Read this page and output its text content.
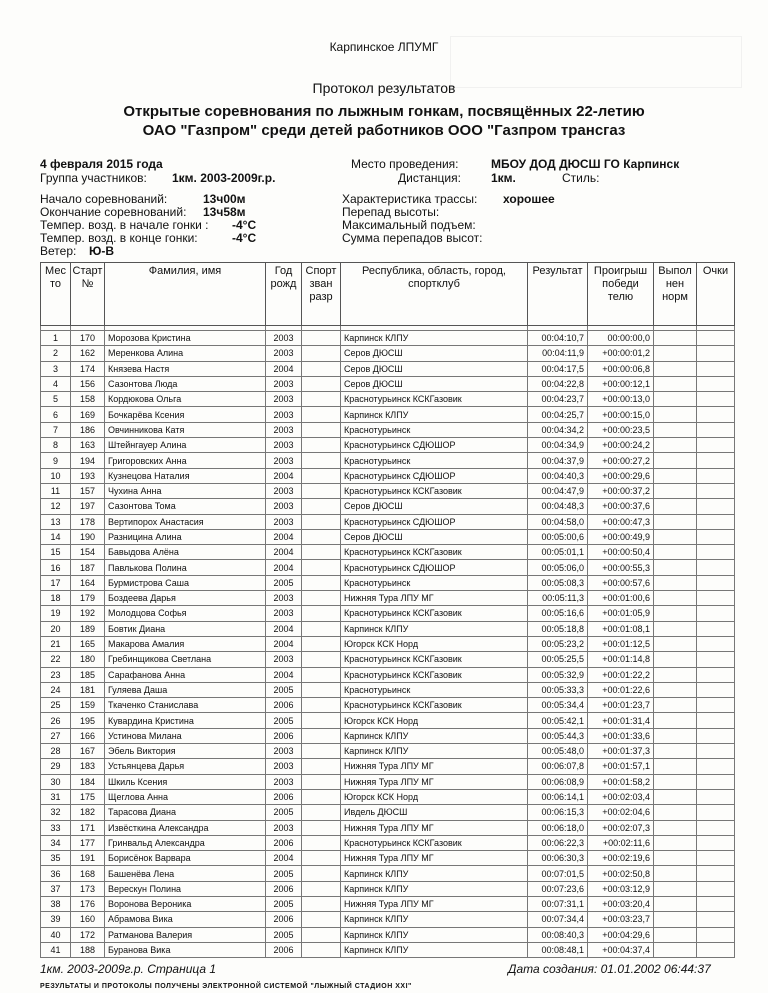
Карпинское ЛПУМГ
Протокол результатов
Открытые соревнования по лыжным гонкам, посвящённых 22-летию
ОАО "Газпром" среди детей работников ООО "Газпром трансгаз
4 февраля 2015 года
Группа участников: 1км. 2003-2009г.р.
Начало соревнований:	13ч00м
Окончание соревнований: 13ч58м
Темпер. возд. в начале гонки : -4°С
Темпер. возд. в конце гонки:	-4°С
Ветер: Ю-В
Место проведения:	МБОУ ДОД ДЮСШ ГО Карпинск
Дистанция:	1км.	Стиль:
Характеристика трассы: хорошее
Перепад высоты:
Максимальный подъем:
Сумма перепадов высот:
Мес то	Старт №	Фамилия, имя	Год рожд	Спорт зван разр	Республика, область, город, спортклуб	Результат	Проигрыш победи телю	Выпол нен норм	Очки

1	170	Морозова Кристина	2003		Карпинск КЛПУ	00:04:10,7	00:00:00,0		
2	162	Меренкова Алина	2003		Серов ДЮСШ	00:04:11,9	+00:00:01,2		
3	174	Князева Настя	2004		Серов ДЮСШ	00:04:17,5	+00:00:06,8		
4	156	Сазонтова Люда	2003		Серов ДЮСШ	00:04:22,8	+00:00:12,1		
5	158	Кордюкова Ольга	2003		Краснотурьинск КСКГазовик	00:04:23,7	+00:00:13,0		
6	169	Бочкарёва Ксения	2003		Карпинск КЛПУ	00:04:25,7	+00:00:15,0		
7	186	Овчинникова Катя	2003		Краснотурьинск	00:04:34,2	+00:00:23,5		
8	163	Штейнгауер Алина	2003		Краснотурьинск СДЮШОР	00:04:34,9	+00:00:24,2		
9	194	Григоровских Анна	2003		Краснотурьинск	00:04:37,9	+00:00:27,2		
10	193	Кузнецова Наталия	2004		Краснотурьинск СДЮШОР	00:04:40,3	+00:00:29,6		
11	157	Чухина Анна	2003		Краснотурьинск КСКГазовик	00:04:47,9	+00:00:37,2		
12	197	Сазонтова Тома	2003		Серов ДЮСШ	00:04:48,3	+00:00:37,6		
13	178	Вертипорох Анастасия	2003		Краснотурьинск СДЮШОР	00:04:58,0	+00:00:47,3		
14	190	Разницина Алина	2004		Серов ДЮСШ	00:05:00,6	+00:00:49,9		
15	154	Бавыдова Алёна	2004		Краснотурьинск КСКГазовик	00:05:01,1	+00:00:50,4		
16	187	Павлькова Полина	2004		Краснотурьинск СДЮШОР	00:05:06,0	+00:00:55,3		
17	164	Бурмистрова Саша	2005		Краснотурьинск	00:05:08,3	+00:00:57,6		
18	179	Боздеева Дарья	2003		Нижняя Тура ЛПУ МГ	00:05:11,3	+00:01:00,6		
19	192	Молодцова Софья	2003		Краснотурьинск КСКГазовик	00:05:16,6	+00:01:05,9		
20	189	Бовтик Диана	2004		Карпинск КЛПУ	00:05:18,8	+00:01:08,1		
21	165	Макарова Амалия	2004		Югорск КСК Норд	00:05:23,2	+00:01:12,5		
22	180	Гребинщикова Светлана	2003		Краснотурьинск КСКГазовик	00:05:25,5	+00:01:14,8		
23	185	Сарафанова Анна	2004		Краснотурьинск КСКГазовик	00:05:32,9	+00:01:22,2		
24	181	Гуляева Даша	2005		Краснотурьинск	00:05:33,3	+00:01:22,6		
25	159	Ткаченко Станислава	2006		Краснотурьинск КСКГазовик	00:05:34,4	+00:01:23,7		
26	195	Кувардина Кристина	2005		Югорск КСК Норд	00:05:42,1	+00:01:31,4		
27	166	Устинова Милана	2006		Карпинск КЛПУ	00:05:44,3	+00:01:33,6		
28	167	Эбель Виктория	2003		Карпинск КЛПУ	00:05:48,0	+00:01:37,3		
29	183	Устьянцева Дарья	2003		Нижняя Тура ЛПУ МГ	00:06:07,8	+00:01:57,1		
30	184	Шкиль Ксения	2003		Нижняя Тура ЛПУ МГ	00:06:08,9	+00:01:58,2		
31	175	Щеглова Анна	2006		Югорск КСК Норд	00:06:14,1	+00:02:03,4		
32	182	Тарасова Диана	2005		Ивдель ДЮСШ	00:06:15,3	+00:02:04,6		
33	171	Извёсткина Александра	2003		Нижняя Тура ЛПУ МГ	00:06:18,0	+00:02:07,3		
34	177	Гринвальд Александра	2006		Краснотурьинск КСКГазовик	00:06:22,3	+00:02:11,6		
35	191	Борисёнок Варвара	2004		Нижняя Тура ЛПУ МГ	00:06:30,3	+00:02:19,6		
36	168	Башенёва Лена	2005		Карпинск КЛПУ	00:07:01,5	+00:02:50,8		
37	173	Верескун Полина	2006		Карпинск КЛПУ	00:07:23,6	+00:03:12,9		
38	176	Воронова Вероника	2005		Нижняя Тура ЛПУ МГ	00:07:31,1	+00:03:20,4		
39	160	Абрамова Вика	2006		Карпинск КЛПУ	00:07:34,4	+00:03:23,7		
40	172	Ратманова Валерия	2005		Карпинск КЛПУ	00:08:40,3	+00:04:29,6		
41	188	Буранова Вика	2006		Карпинск КЛПУ	00:08:48,1	+00:04:37,4		
1км. 2003-2009г.р. Страница 1	Дата создания: 01.01.2002 06:44:37
РЕЗУЛЬТАТЫ И ПРОТОКОЛЫ ПОЛУЧЕНЫ ЭЛЕКТРОННОЙ СИСТЕМОЙ "ЛЫЖНЫЙ СТАДИОН XXI"
